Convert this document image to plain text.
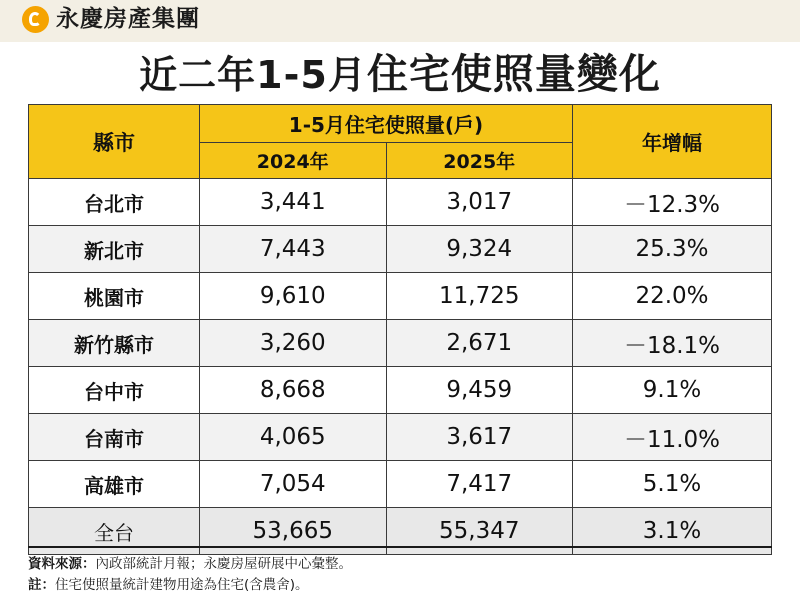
永慶房產集團
近二年1-5月住宅使照量變化
縣市	1-5月住宅使照量(戶)		年增幅
	2024年	2025年	
台北市	3,441	3,017	－12.3%
新北市	7,443	9,324	25.3%
桃園市	9,610	11,725	22.0%
新竹縣市	3,260	2,671	－18.1%
台中市	8,668	9,459	9.1%
台南市	4,065	3,617	－11.0%
高雄市	7,054	7,417	5.1%
全台	53,665	55,347	3.1%
資料來源：內政部統計月報；永慶房屋研展中心彙整。
註：住宅使照量統計建物用途為住宅(含農舍)。
